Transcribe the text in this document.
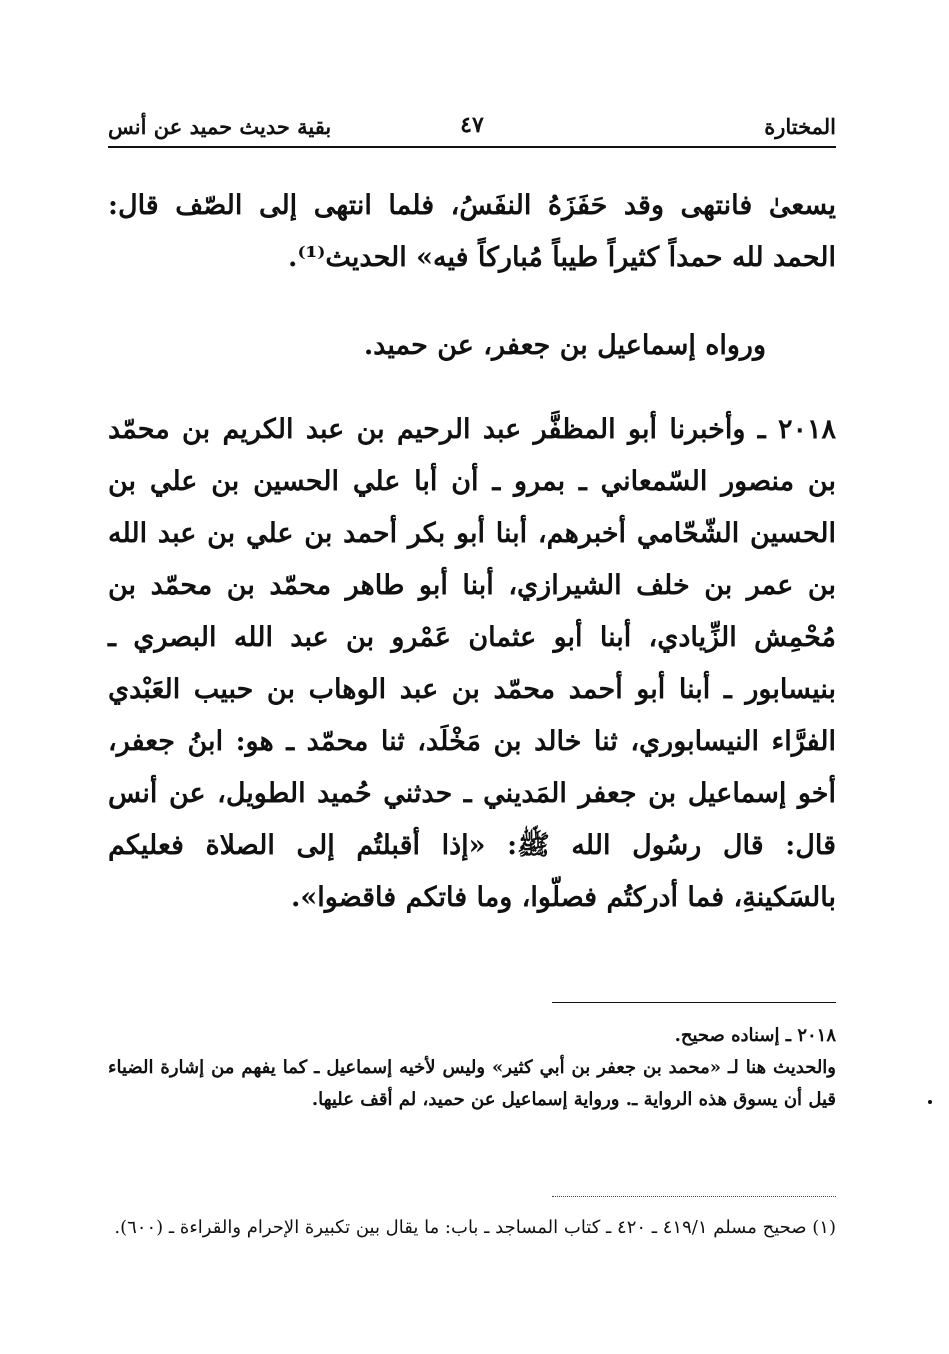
المختارة
٤٧
بقية حديث حميد عن أنس
يسعىٰ فانتهى وقد حَفَزَهُ النفَسُ، فلما انتهى إلى الصّف قال: الحمد لله حمداً كثيراً طيباً مُباركاً فيه» الحديث⁽¹⁾.
ورواه إسماعيل بن جعفر، عن حميد.
٢٠١٨ ـ وأخبرنا أبو المظفَّر عبد الرحيم بن عبد الكريم بن محمّد بن منصور السّمعاني ـ بمرو ـ أن أبا علي الحسين بن علي بن الحسين الشّحّامي أخبرهم، أبنا أبو بكر أحمد بن علي بن عبد الله بن عمر بن خلف الشيرازي، أبنا أبو طاهر محمّد بن محمّد بن مُحْمِش الزِّيادي، أبنا أبو عثمان عَمْرو بن عبد الله البصري ـ بنيسابور ـ أبنا أبو أحمد محمّد بن عبد الوهاب بن حبيب العَبْدي الفرَّاء النيسابوري، ثنا خالد بن مَخْلَد، ثنا محمّد ـ هو: ابنُ جعفر، أخو إسماعيل بن جعفر المَديني ـ حدثني حُميد الطويل، عن أنس قال: قال رسُول الله ﷺ: «إذا أقبلتُم إلى الصلاة فعليكم بالسَكينةِ، فما أدركتُم فصلّوا، وما فاتكم فاقضوا».
٢٠١٨ ـ إسناده صحيح.
والحديث هنا لـ «محمد بن جعفر بن أبي كثير» وليس لأخيه إسماعيل ـ كما يفهم من إشارة الضياء قيل أن يسوق هذه الرواية ـ. ورواية إسماعيل عن حميد، لم أقف عليها.
(١) صحيح مسلم ٤١٩/١ ـ ٤٢٠ ـ كتاب المساجد ـ باب: ما يقال بين تكبيرة الإحرام والقراءة ـ (٦٠٠).
